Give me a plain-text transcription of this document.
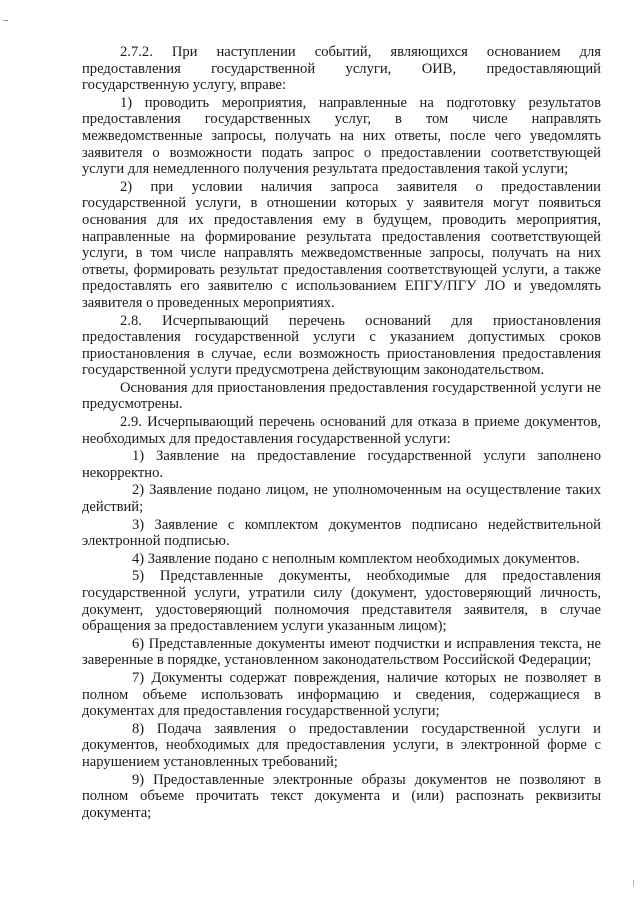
2.7.2. При наступлении событий, являющихся основанием для предоставления государственной услуги, ОИВ, предоставляющий государственную услугу, вправе:

1) проводить мероприятия, направленные на подготовку результатов предоставления государственных услуг, в том числе направлять межведомственные запросы, получать на них ответы, после чего уведомлять заявителя о возможности подать запрос о предоставлении соответствующей услуги для немедленного получения результата предоставления такой услуги;

2) при условии наличия запроса заявителя о предоставлении государственной услуги, в отношении которых у заявителя могут появиться основания для их предоставления ему в будущем, проводить мероприятия, направленные на формирование результата предоставления соответствующей услуги, в том числе направлять межведомственные запросы, получать на них ответы, формировать результат предоставления соответствующей услуги, а также предоставлять его заявителю с использованием ЕПГУ/ПГУ ЛО и уведомлять заявителя о проведенных мероприятиях.

2.8. Исчерпывающий перечень оснований для приостановления предоставления государственной услуги с указанием допустимых сроков приостановления в случае, если возможность приостановления предоставления государственной услуги предусмотрена действующим законодательством.

Основания для приостановления предоставления государственной услуги не предусмотрены.

2.9. Исчерпывающий перечень оснований для отказа в приеме документов, необходимых для предоставления государственной услуги:

1) Заявление на предоставление государственной услуги заполнено некорректно.

2) Заявление подано лицом, не уполномоченным на осуществление таких действий;

3) Заявление с комплектом документов подписано недействительной электронной подписью.

4) Заявление подано с неполным комплектом необходимых документов.

5) Представленные документы, необходимые для предоставления государственной услуги, утратили силу (документ, удостоверяющий личность, документ, удостоверяющий полномочия представителя заявителя, в случае обращения за предоставлением услуги указанным лицом);

6) Представленные документы имеют подчистки и исправления текста, не заверенные в порядке, установленном законодательством Российской Федерации;

7) Документы содержат повреждения, наличие которых не позволяет в полном объеме использовать информацию и сведения, содержащиеся в документах для предоставления государственной услуги;

8) Подача заявления о предоставлении государственной услуги и документов, необходимых для предоставления услуги, в электронной форме с нарушением установленных требований;

9) Предоставленные электронные образы документов не позволяют в полном объеме прочитать текст документа и (или) распознать реквизиты документа;
